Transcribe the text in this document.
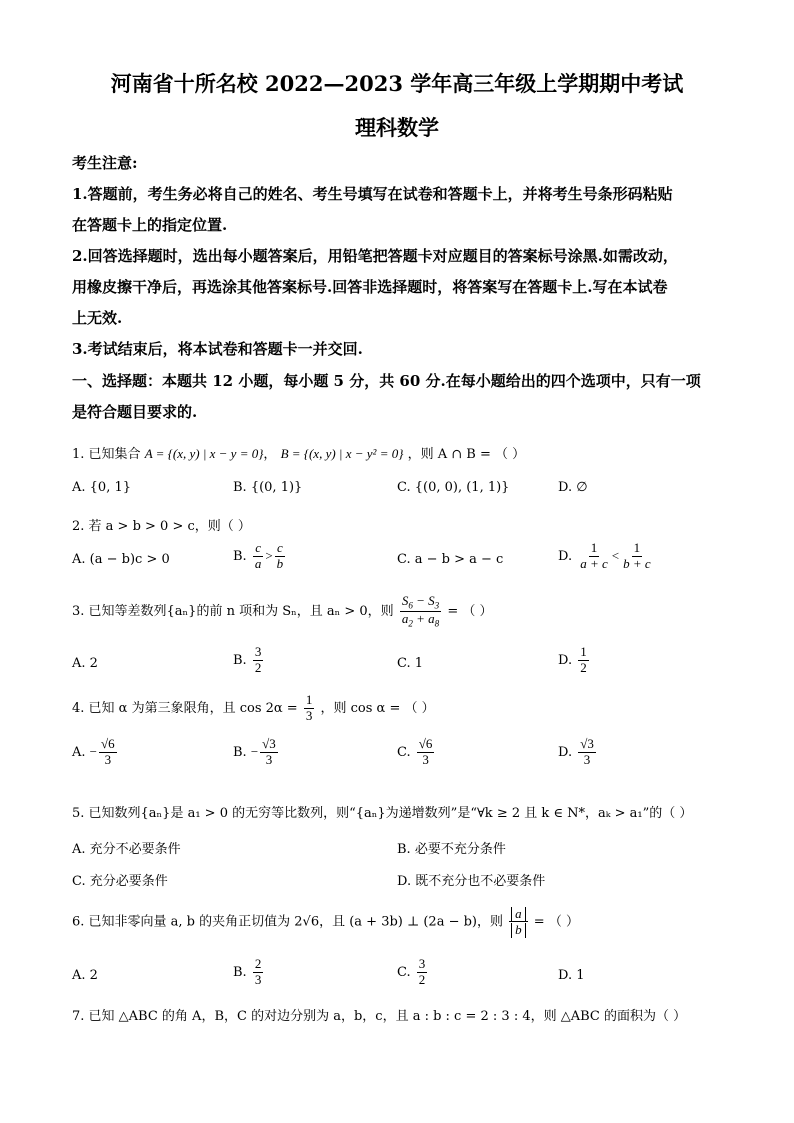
河南省十所名校 2022—2023 学年高三年级上学期期中考试
理科数学
考生注意:
1.答题前，考生务必将自己的姓名、考生号填写在试卷和答题卡上，并将考生号条形码粘贴
在答题卡上的指定位置.
2.回答选择题时，选出每小题答案后，用铅笔把答题卡对应题目的答案标号涂黑.如需改动，
用橡皮擦干净后，再选涂其他答案标号.回答非选择题时，将答案写在答题卡上.写在本试卷
上无效.
3.考试结束后，将本试卷和答题卡一并交回.
一、选择题：本题共 12 小题，每小题 5 分，共 60 分.在每小题给出的四个选项中，只有一项
是符合题目要求的.
1. 已知集合 A = {(x, y) | x − y = 0}， B = {(x, y) | x − y² = 0} ，则 A ∩ B = （ ）
A. {0, 1}	B. {(0, 1)}	C. {(0, 0), (1, 1)}	D. ∅
2. 若 a > b > 0 > c，则（ ）
A. (a − b)c > 0	B. $\frac{c}{a} > \frac{c}{b}$	C. a − b > a − c	D. $\frac{1}{a + c} < \frac{1}{b + c}$
3. 已知等差数列{aₙ}的前 n 项和为 Sₙ，且 aₙ > 0，则 $\frac{S_6 - S_3}{a_2 + a_8}$ = （ ）
A. 2	B. $\frac{3}{2}$	C. 1	D. $\frac{1}{2}$
4. 已知 α 为第三象限角，且 $\cos 2\alpha = \frac{1}{3}$ ，则 cos α = （ ）
A. − $\frac{√6}{3}$	B. − $\frac{√3}{3}$	C. $\frac{√6}{3}$	D. $\frac{√3}{3}$
5. 已知数列{aₙ}是 a₁ > 0 的无穷等比数列，则“{aₙ}为递增数列”是“∀k ≥ 2 且 k ∈ N*，aₖ > a₁”的（ ）
A. 充分不必要条件	B. 必要不充分条件
C. 充分必要条件	D. 既不充分也不必要条件
6. 已知非零向量 a, b 的夹角正切值为 2√6，且 (a + 3b) ⊥ (2a − b)，则 $\frac{a}{b}$ = （ ）
A. 2	B. $\frac{2}{3}$	C. $\frac{3}{2}$	D. 1
7. 已知 △ABC 的角 A，B，C 的对边分别为 a，b，c，且 a : b : c = 2 : 3 : 4，则 △ABC 的面积为（ ）
